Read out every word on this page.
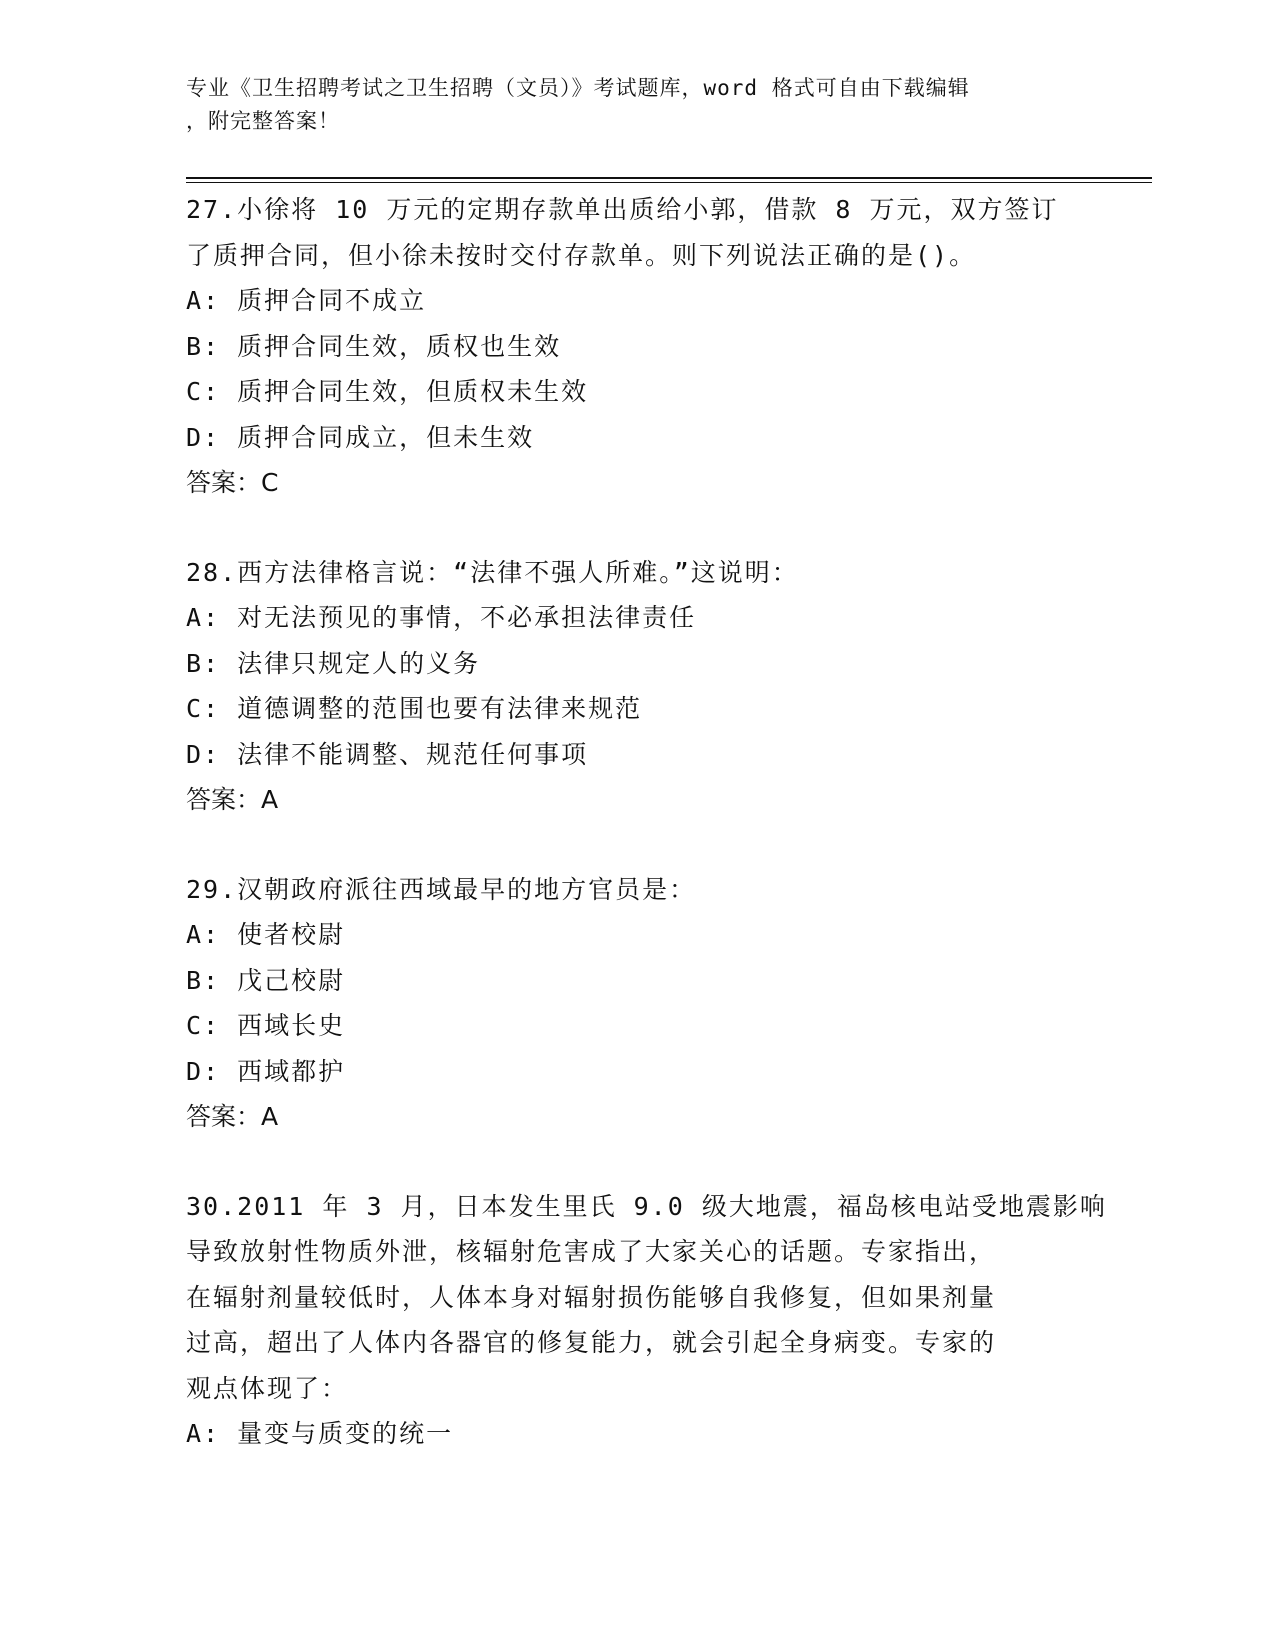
专业《卫生招聘考试之卫生招聘（文员）》考试题库，word 格式可自由下载编辑
，附完整答案！
27.小徐将 10 万元的定期存款单出质给小郭，借款 8 万元，双方签订
了质押合同，但小徐未按时交付存款单。则下列说法正确的是()。
A: 质押合同不成立
B: 质押合同生效，质权也生效
C: 质押合同生效，但质权未生效
D: 质押合同成立，但未生效
答案：C
28.西方法律格言说：“法律不强人所难。”这说明：
A: 对无法预见的事情，不必承担法律责任
B: 法律只规定人的义务
C: 道德调整的范围也要有法律来规范
D: 法律不能调整、规范任何事项
答案：A
29.汉朝政府派往西域最早的地方官员是：
A: 使者校尉
B: 戊己校尉
C: 西域长史
D: 西域都护
答案：A
30.2011 年 3 月，日本发生里氏 9.0 级大地震，福岛核电站受地震影响
导致放射性物质外泄，核辐射危害成了大家关心的话题。专家指出，
在辐射剂量较低时，人体本身对辐射损伤能够自我修复，但如果剂量
过高，超出了人体内各器官的修复能力，就会引起全身病变。专家的
观点体现了：
A: 量变与质变的统一
